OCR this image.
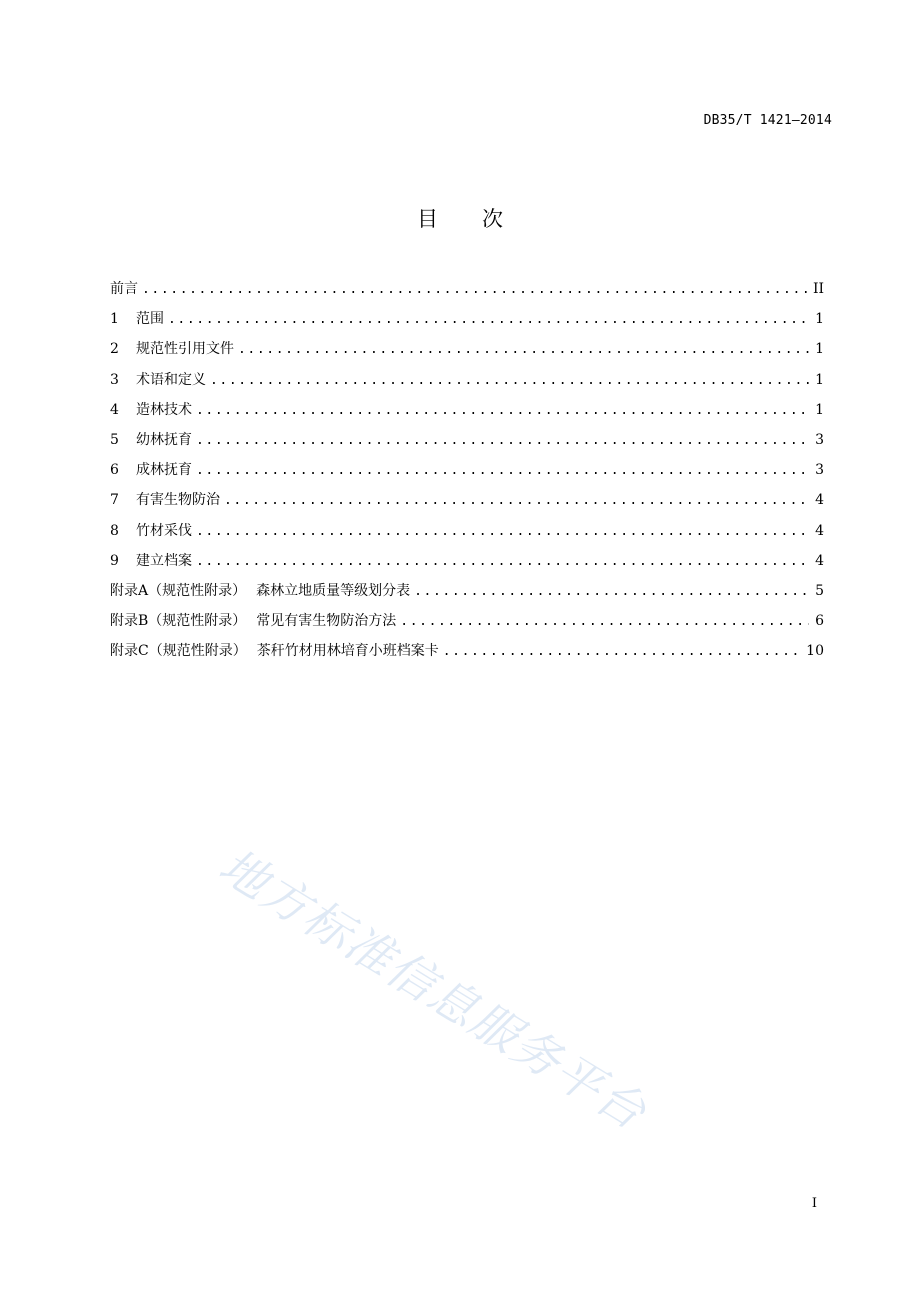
DB35/T 1421—2014
目 次
前言 .....	II
1	范围 .....	1
2	规范性引用文件 .....	1
3	术语和定义 .....	1
4	造林技术 .....	1
5	幼林抚育 .....	3
6	成林抚育 .....	3
7	有害生物防治 .....	4
8	竹材采伐 .....	4
9	建立档案 .....	4
附录A（规范性附录） 森林立地质量等级划分表 .....	5
附录B（规范性附录） 常见有害生物防治方法 .....	6
附录C（规范性附录） 茶秆竹材用林培育小班档案卡 .....	10
地方标准信息服务平台
I
